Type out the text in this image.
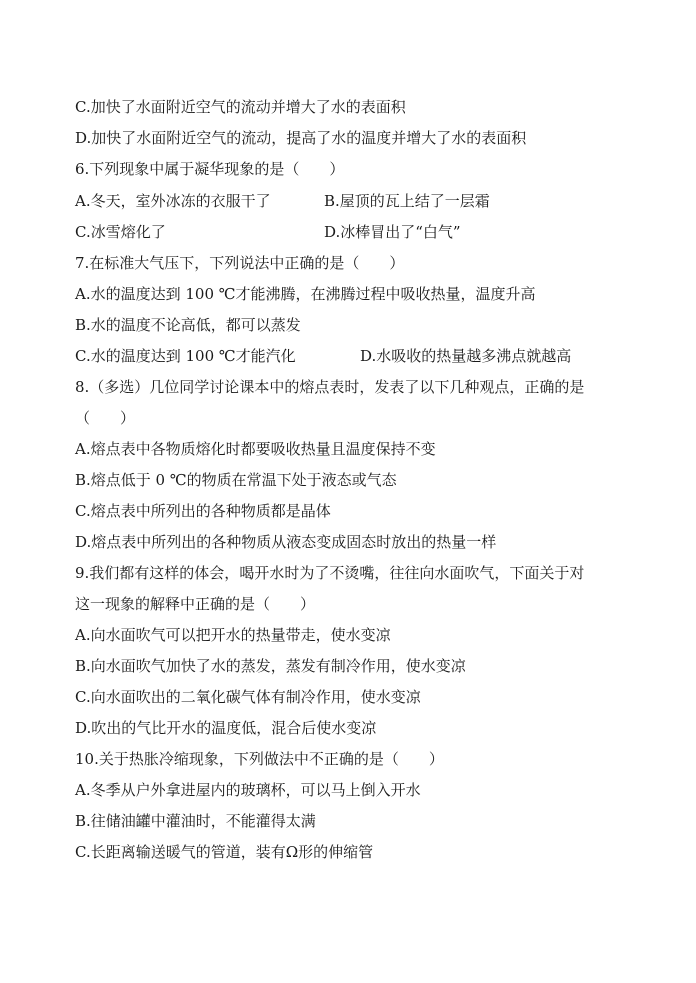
C.加快了水面附近空气的流动并增大了水的表面积
D.加快了水面附近空气的流动，提高了水的温度并增大了水的表面积
6.下列现象中属于凝华现象的是（　　）
A.冬天，室外冰冻的衣服干了	B.屋顶的瓦上结了一层霜
C.冰雪熔化了	D.冰棒冒出了“白气”
7.在标准大气压下，下列说法中正确的是（　　）
A.水的温度达到 100 ℃才能沸腾，在沸腾过程中吸收热量，温度升高
B.水的温度不论高低，都可以蒸发
C.水的温度达到 100 ℃才能汽化	D.水吸收的热量越多沸点就越高
8.（多选）几位同学讨论课本中的熔点表时，发表了以下几种观点，正确的是
（　　）
A.熔点表中各物质熔化时都要吸收热量且温度保持不变
B.熔点低于 0 ℃的物质在常温下处于液态或气态
C.熔点表中所列出的各种物质都是晶体
D.熔点表中所列出的各种物质从液态变成固态时放出的热量一样
9.我们都有这样的体会，喝开水时为了不烫嘴，往往向水面吹气，下面关于对
这一现象的解释中正确的是（　　）
A.向水面吹气可以把开水的热量带走，使水变凉
B.向水面吹气加快了水的蒸发，蒸发有制冷作用，使水变凉
C.向水面吹出的二氧化碳气体有制冷作用，使水变凉
D.吹出的气比开水的温度低，混合后使水变凉
10.关于热胀冷缩现象，下列做法中不正确的是（　　）
A.冬季从户外拿进屋内的玻璃杯，可以马上倒入开水
B.往储油罐中灌油时，不能灌得太满
C.长距离输送暖气的管道，装有Ω形的伸缩管
